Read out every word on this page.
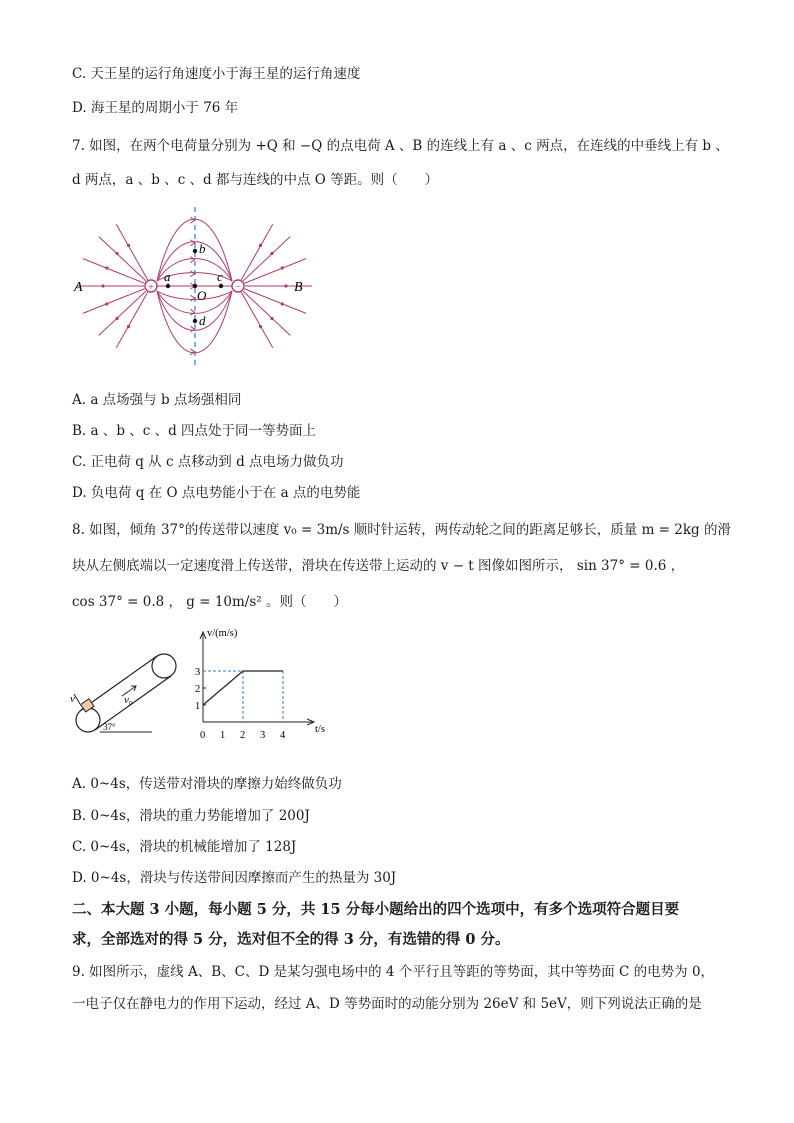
C. 天王星的运行角速度小于海王星的运行角速度
D. 海王星的周期小于 76 年
7. 如图，在两个电荷量分别为 +Q 和 −Q 的点电荷 A 、B 的连线上有 a 、c 两点，在连线的中垂线上有 b 、
d 两点，a 、b 、c 、d 都与连线的中点 O 等距。则（　　）
+	−
A	B
a	c
O
b
d
A. a 点场强与 b 点场强相同
B. a 、b 、c 、d 四点处于同一等势面上
C. 正电荷 q 从 c 点移动到 d 点电场力做负功
D. 负电荷 q 在 O 点电势能小于在 a 点的电势能
8. 如图，倾角 37°的传送带以速度 v₀ = 3m/s 顺时针运转，两传动轮之间的距离足够长，质量 m = 2kg 的滑
块从左侧底端以一定速度滑上传送带，滑块在传送带上运动的 v − t 图像如图所示， sin 37° = 0.6 ，
cos 37° = 0.8 ， g = 10m/s² 。则（　　）
v	v₀
37°
v/(m/s)
t/s
1
2
3
0 1 2 3 4
A. 0~4s，传送带对滑块的摩擦力始终做负功
B. 0~4s，滑块的重力势能增加了 200J
C. 0~4s，滑块的机械能增加了 128J
D. 0~4s，滑块与传送带间因摩擦而产生的热量为 30J
二、本大题 3 小题，每小题 5 分，共 15 分每小题给出的四个选项中，有多个选项符合题目要
求，全部选对的得 5 分，选对但不全的得 3 分，有选错的得 0 分。
9. 如图所示，虚线 A、B、C、D 是某匀强电场中的 4 个平行且等距的等势面，其中等势面 C 的电势为 0，
一电子仅在静电力的作用下运动，经过 A、D 等势面时的动能分别为 26eV 和 5eV，则下列说法正确的是
